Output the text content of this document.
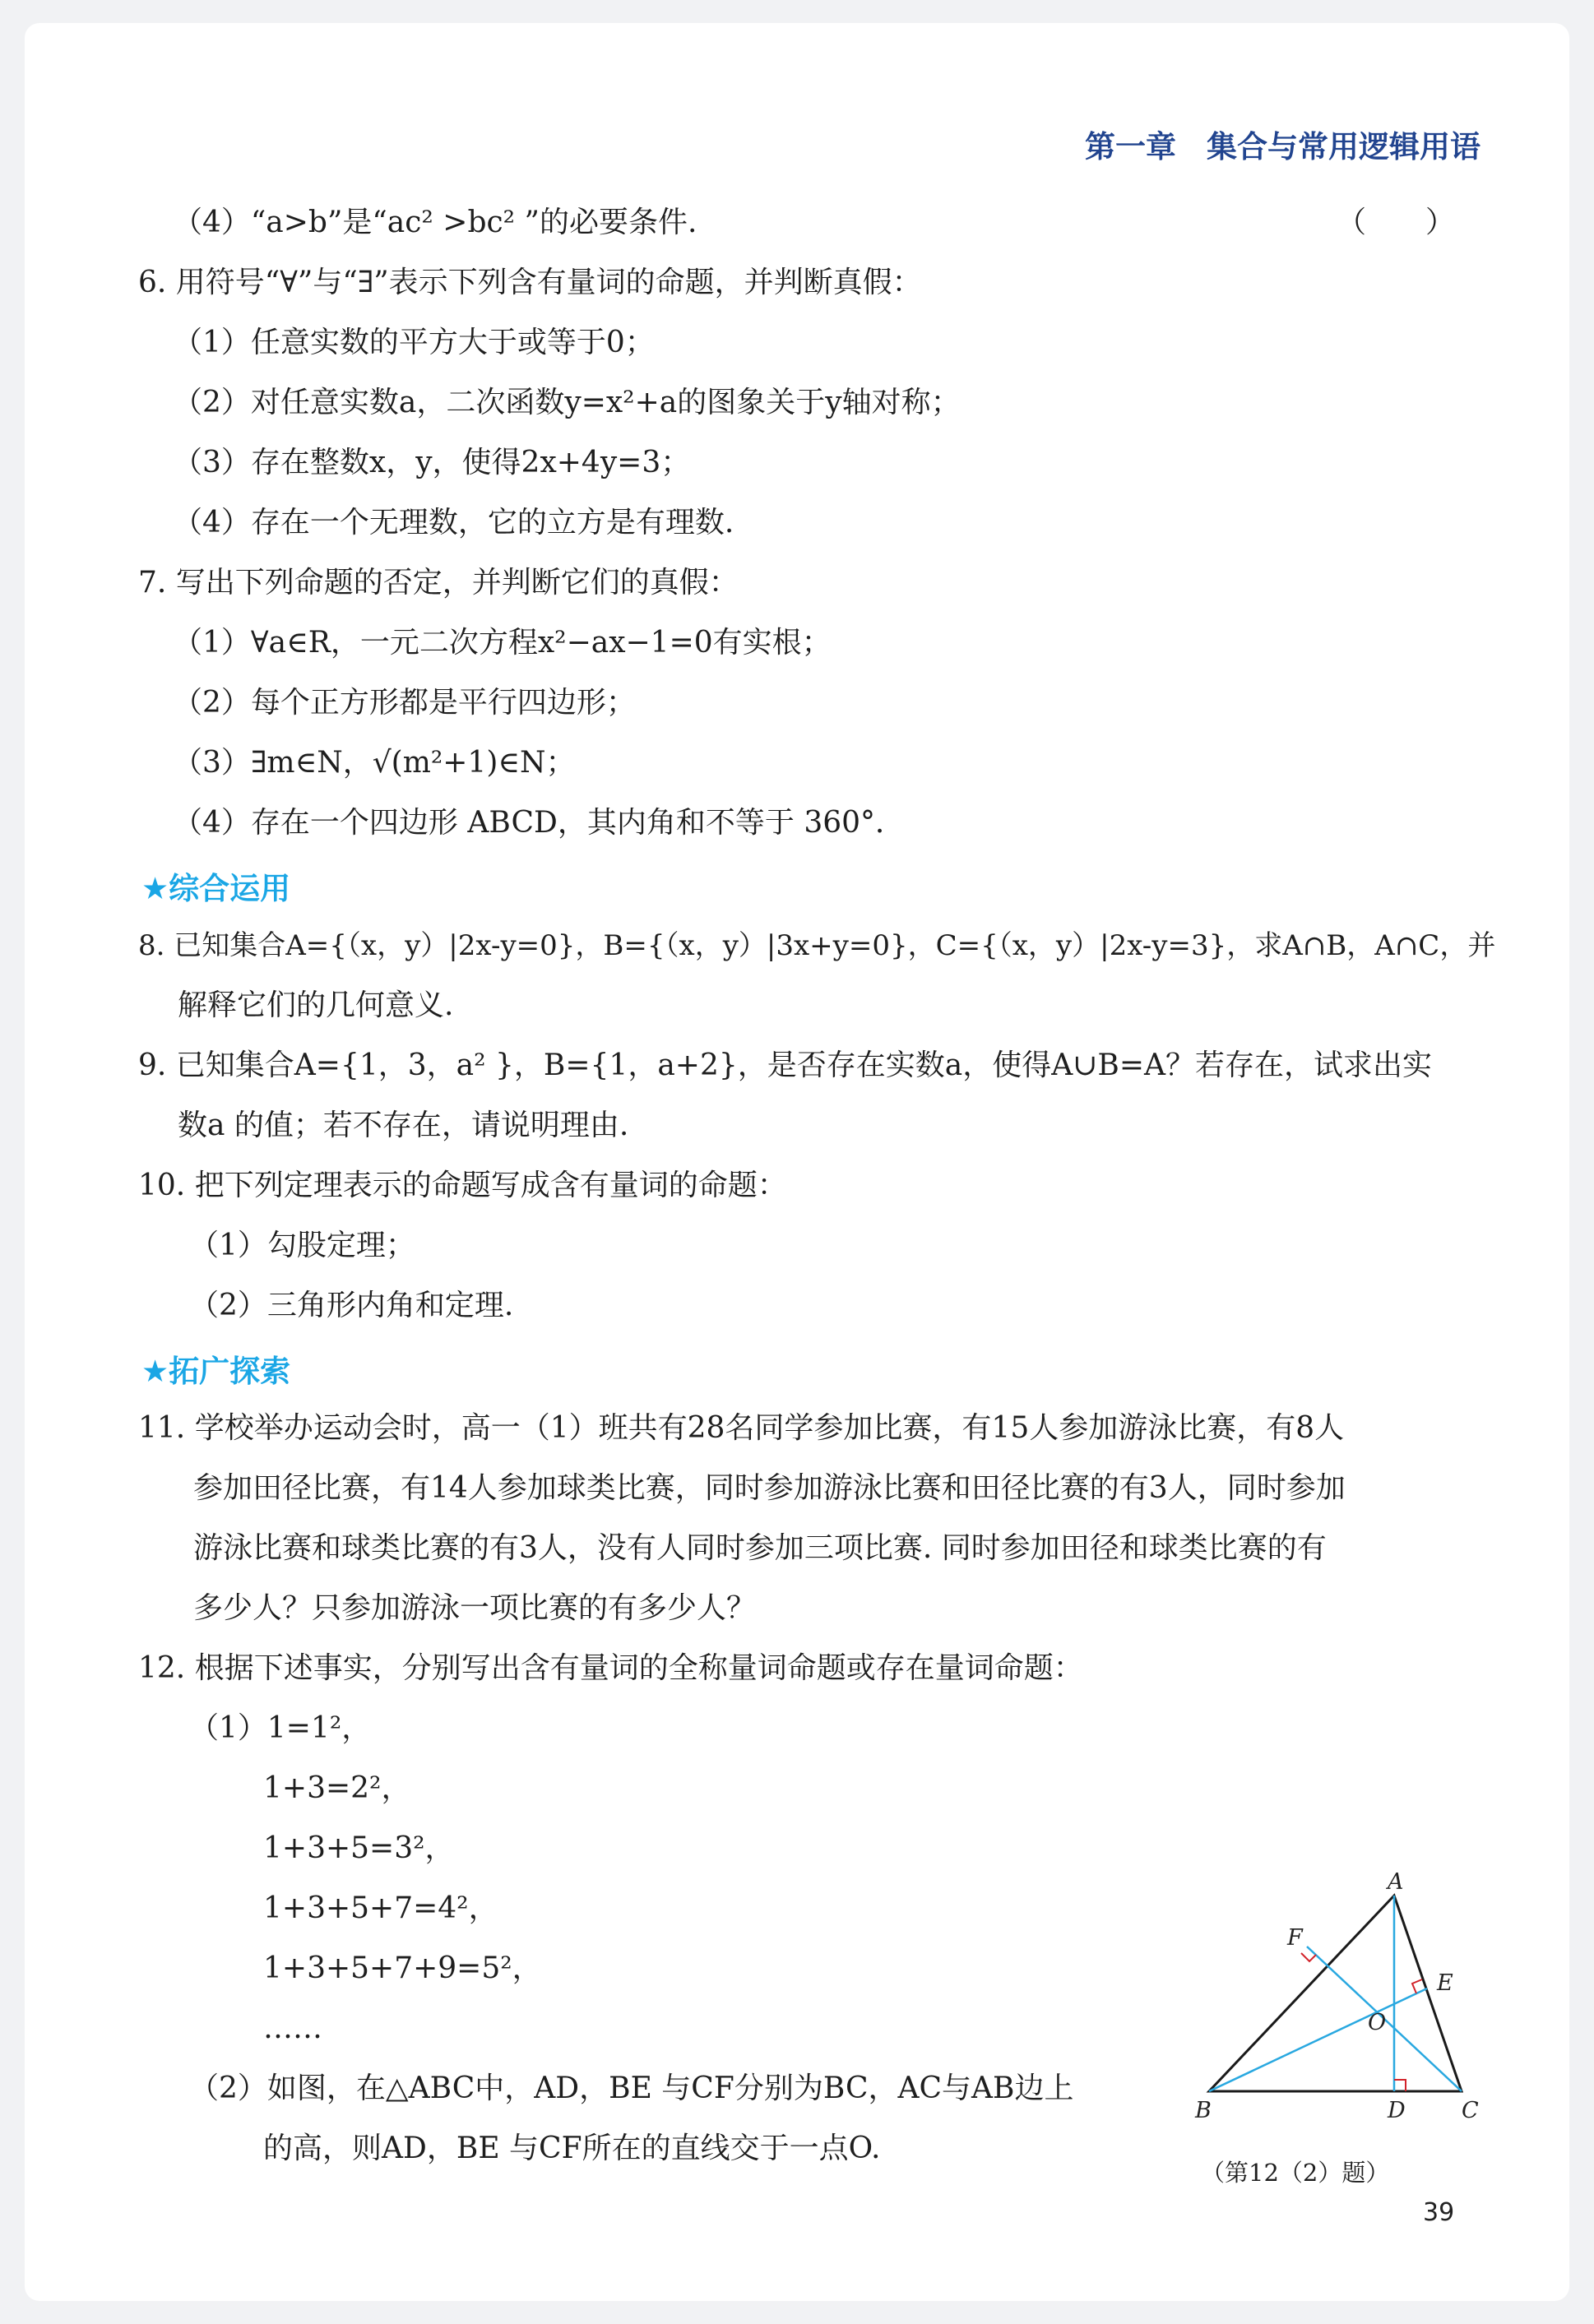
第一章　集合与常用逻辑用语
（4）“a>b”是“ac² >bc² ”的必要条件.	（　　）
6. 用符号“∀”与“∃”表示下列含有量词的命题，并判断真假：
（1）任意实数的平方大于或等于0；
（2）对任意实数a，二次函数y=x²+a的图象关于y轴对称；
（3）存在整数x，y，使得2x+4y=3；
（4）存在一个无理数，它的立方是有理数.
7. 写出下列命题的否定，并判断它们的真假：
（1）∀a∈R，一元二次方程x²−ax−1=0有实根；
（2）每个正方形都是平行四边形；
（3）∃m∈N，√(m²+1)∈N；
（4）存在一个四边形 ABCD，其内角和不等于 360°．
★综合运用
8. 已知集合A={（x，y）|2x-y=0}，B={（x，y）|3x+y=0}，C={（x，y）|2x-y=3}，求A∩B，A∩C，并
解释它们的几何意义.
9. 已知集合A={1，3，a² }，B={1，a+2}，是否存在实数a，使得A∪B=A？若存在，试求出实
数a 的值；若不存在，请说明理由.
10. 把下列定理表示的命题写成含有量词的命题：
（1）勾股定理；
（2）三角形内角和定理.
★拓广探索
11. 学校举办运动会时，高一（1）班共有28名同学参加比赛，有15人参加游泳比赛，有8人
参加田径比赛，有14人参加球类比赛，同时参加游泳比赛和田径比赛的有3人，同时参加
游泳比赛和球类比赛的有3人，没有人同时参加三项比赛. 同时参加田径和球类比赛的有
多少人？只参加游泳一项比赛的有多少人？
12. 根据下述事实，分别写出含有量词的全称量词命题或存在量词命题：
（1）1=1²，
1+3=2²，
1+3+5=3²，
1+3+5+7=4²，
1+3+5+7+9=5²，
……
（2）如图，在△ABC中，AD，BE 与CF分别为BC，AC与AB边上
的高，则AD，BE 与CF所在的直线交于一点O.
A
B	C
D
E
F
O
（第12（2）题）
39
